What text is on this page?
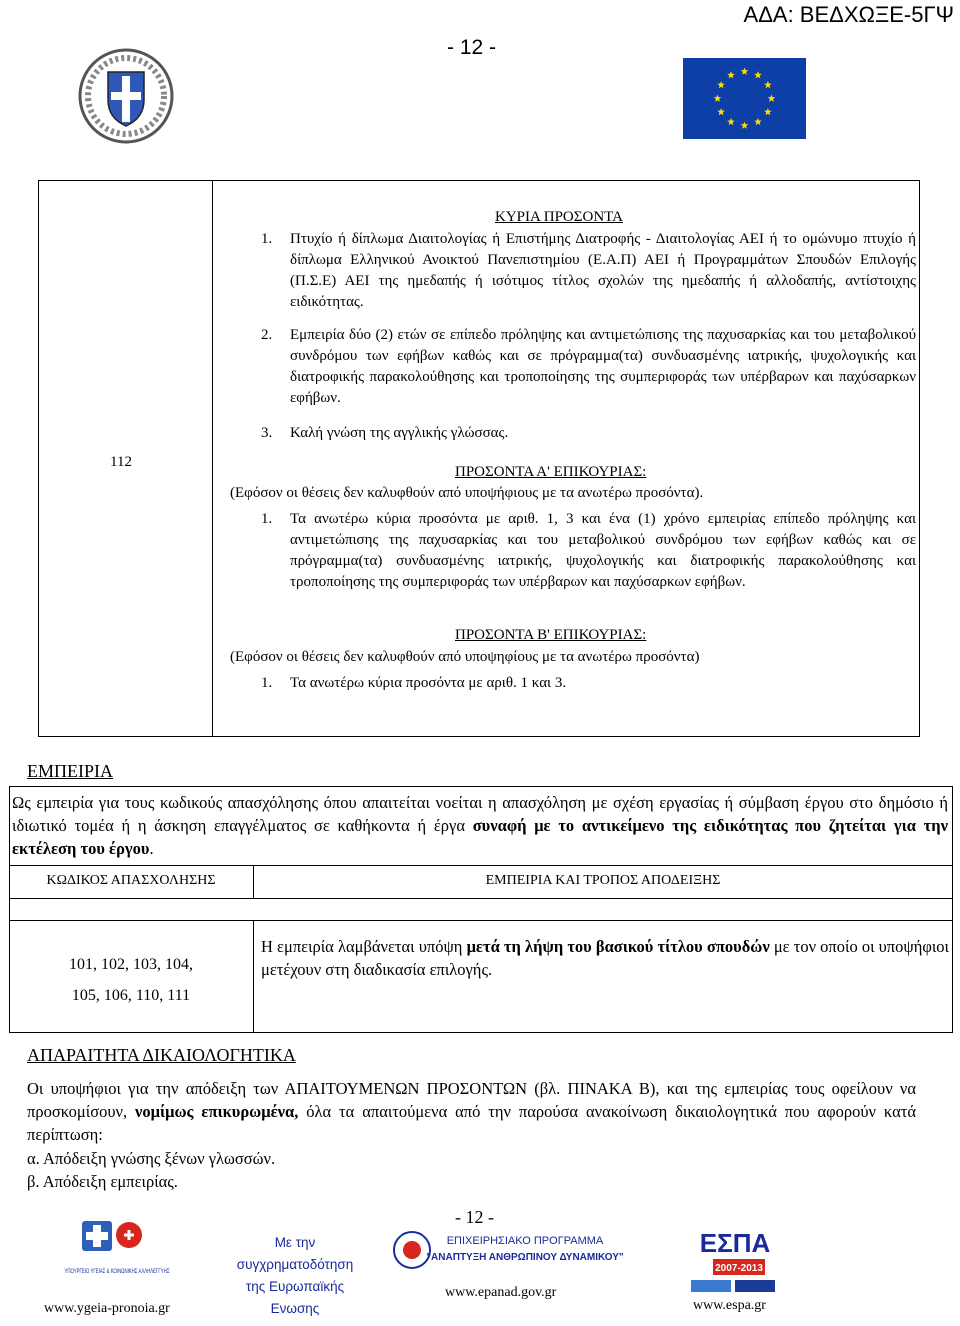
ΑΔΑ: ΒΕΔΧΩΞΕ-5ΓΨ
- 12 -
112
ΚΥΡΙΑ ΠΡΟΣΟΝΤΑ
1. Πτυχίο ή δίπλωμα Διαιτολογίας ή Επιστήμης Διατροφής - Διαιτολογίας ΑΕΙ ή το ομώνυμο πτυχίο ή δίπλωμα Ελληνικού Ανοικτού Πανεπιστημίου (Ε.Α.Π) ΑΕΙ ή Προγραμμάτων Σπουδών Επιλογής (Π.Σ.Ε) ΑΕΙ της ημεδαπής ή ισότιμος τίτλος σχολών της ημεδαπής ή αλλοδαπής, αντίστοιχης ειδικότητας.
2. Εμπειρία δύο (2) ετών σε επίπεδο πρόληψης και αντιμετώπισης της παχυσαρκίας και του μεταβολικού συνδρόμου των εφήβων καθώς και σε πρόγραμμα(τα) συνδυασμένης ιατρικής, ψυχολογικής και διατροφικής παρακολούθησης και τροποποίησης της συμπεριφοράς των υπέρβαρων και παχύσαρκων εφήβων.
3. Καλή γνώση της αγγλικής γλώσσας.
ΠΡΟΣΟΝΤΑ Α' ΕΠΙΚΟΥΡΙΑΣ:
(Εφόσον οι θέσεις δεν καλυφθούν από υποψήφιους με τα ανωτέρω προσόντα).
1. Τα ανωτέρω κύρια προσόντα με αριθ. 1, 3 και ένα (1) χρόνο εμπειρίας επίπεδο πρόληψης και αντιμετώπισης της παχυσαρκίας και του μεταβολικού συνδρόμου των εφήβων καθώς και σε πρόγραμμα(τα) συνδυασμένης ιατρικής, ψυχολογικής και διατροφικής παρακολούθησης και τροποποίησης της συμπεριφοράς των υπέρβαρων και παχύσαρκων εφήβων.
ΠΡΟΣΟΝΤΑ Β' ΕΠΙΚΟΥΡΙΑΣ:
(Εφόσον οι θέσεις δεν καλυφθούν από υποψηφίους με τα ανωτέρω προσόντα)
1. Τα ανωτέρω κύρια προσόντα με αριθ. 1 και 3.
ΕΜΠΕΙΡΙΑ
Ως εμπειρία για τους κωδικούς απασχόλησης όπου απαιτείται νοείται η απασχόληση με σχέση εργασίας ή σύμβαση έργου στο δημόσιο ή ιδιωτικό τομέα ή η άσκηση επαγγέλματος σε καθήκοντα ή έργα συναφή με το αντικείμενο της ειδικότητας που ζητείται για την εκτέλεση του έργου.
ΚΩΔΙΚΟΣ ΑΠΑΣΧΟΛΗΣΗΣ	ΕΜΠΕΙΡΙΑ ΚΑΙ ΤΡΟΠΟΣ ΑΠΟΔΕΙΞΗΣ
101, 102, 103, 104,
105, 106, 110, 111
Η εμπειρία λαμβάνεται υπόψη μετά τη λήψη του βασικού τίτλου σπουδών με τον οποίο οι υποψήφιοι μετέχουν στη διαδικασία επιλογής.
ΑΠΑΡΑΙΤΗΤΑ ΔΙΚΑΙΟΛΟΓΗΤΙΚΑ
Οι υποψήφιοι για την απόδειξη των ΑΠΑΙΤΟΥΜΕΝΩΝ ΠΡΟΣΟΝΤΩΝ (βλ. ΠΙΝΑΚΑ Β), και της εμπειρίας τους οφείλουν να προσκομίσουν, νομίμως επικυρωμένα, όλα τα απαιτούμενα από την παρούσα ανακοίνωση δικαιολογητικά που αφορούν κατά περίπτωση:
α. Απόδειξη γνώσης ξένων γλωσσών.
β. Απόδειξη εμπειρίας.
- 12 -
ΥΠΟΥΡΓΕΙΟ ΥΓΕΙΑΣ & ΚΟΙΝΩΝΙΚΗΣ ΑΛΛΗΛΕΓΓΥΗΣ
www.ygeia-pronoia.gr
Με την
συγχρηματοδότηση
της Ευρωπαϊκής
Ενωσης
ΕΠΙΧΕΙΡΗΣΙΑΚΟ ΠΡΟΓΡΑΜΜΑ
"ΑΝΑΠΤΥΞΗ ΑΝΘΡΩΠΙΝΟΥ ΔΥΝΑΜΙΚΟΥ"
www.epanad.gov.gr
ΕΣΠΑ
2007-2013
www.espa.gr
